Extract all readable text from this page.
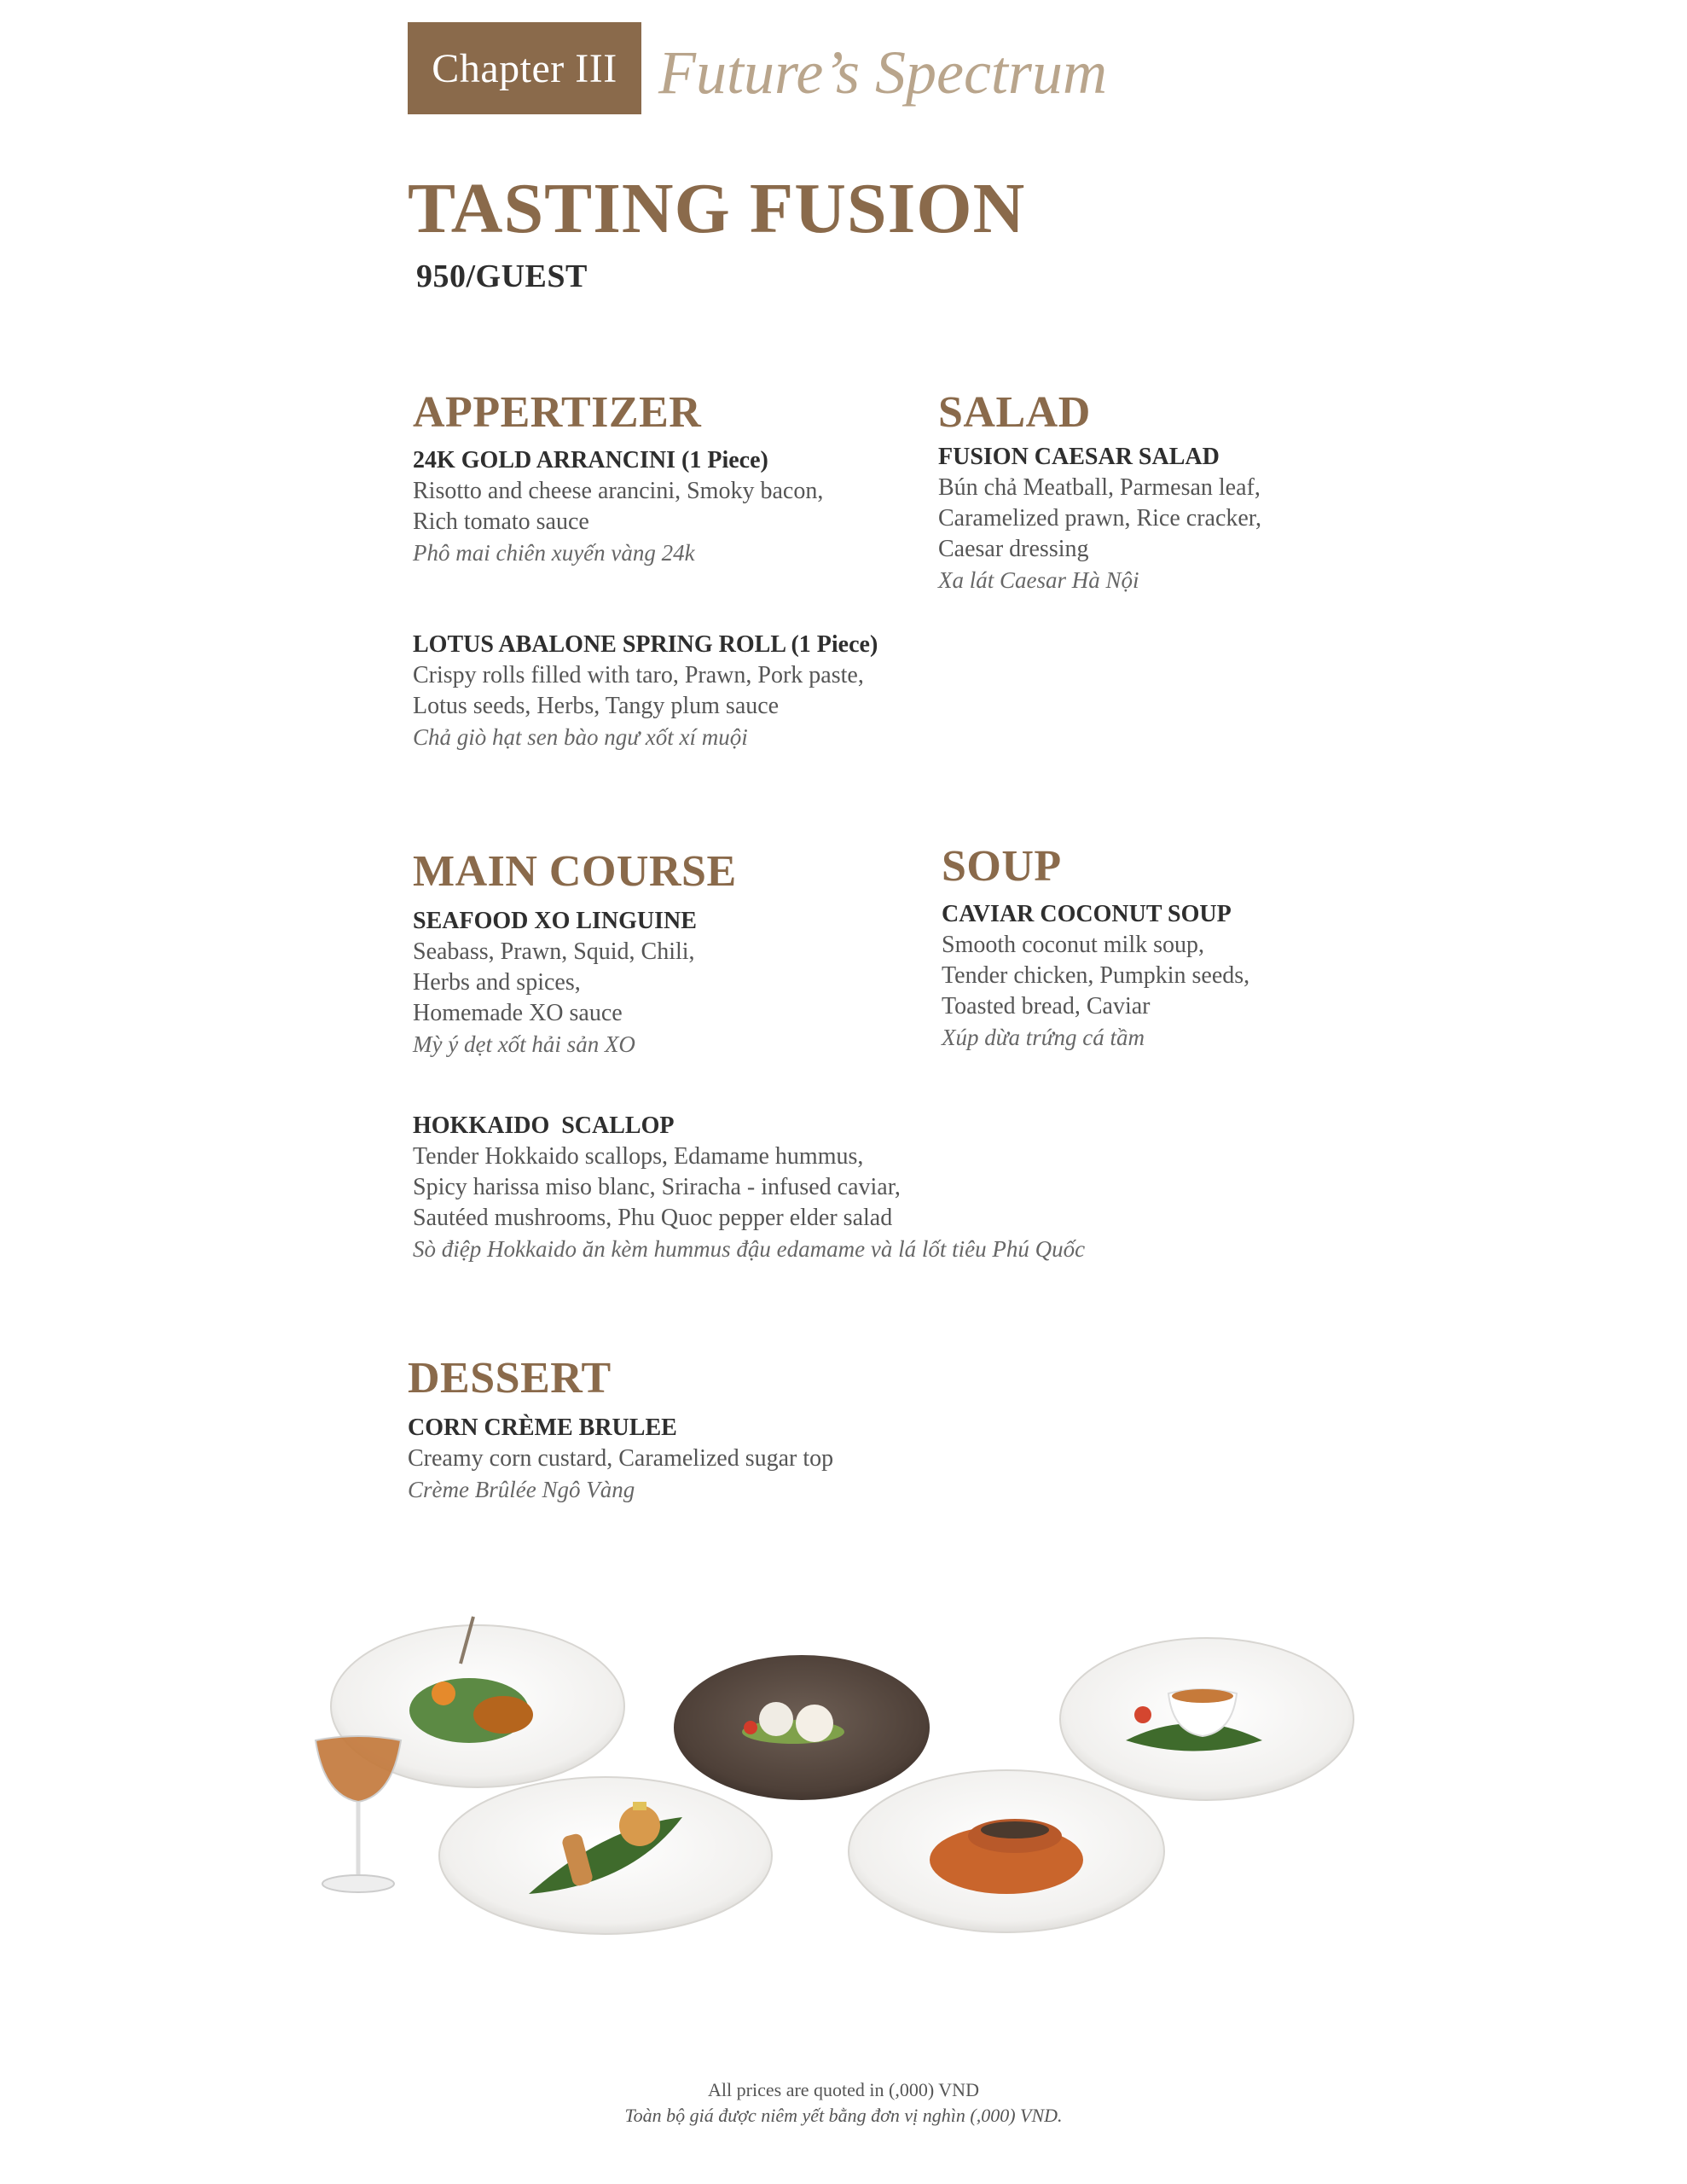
Chapter III Future’s Spectrum
TASTING FUSION
950/GUEST
APPERTIZER
24K GOLD ARRANCINI (1 Piece)
Risotto and cheese arancini, Smoky bacon,
Rich tomato sauce
Phô mai chiên xuyến vàng 24k
LOTUS ABALONE SPRING ROLL (1 Piece)
Crispy rolls filled with taro, Prawn, Pork paste,
Lotus seeds, Herbs, Tangy plum sauce
Chả giò hạt sen bào ngư xốt xí muội
SALAD
FUSION CAESAR SALAD
Bún chả Meatball, Parmesan leaf,
Caramelized prawn, Rice cracker,
Caesar dressing
Xa lát Caesar Hà Nội
MAIN COURSE
SEAFOOD XO LINGUINE
Seabass, Prawn, Squid, Chili,
Herbs and spices,
Homemade XO sauce
Mỳ ý dẹt xốt hải sản XO
HOKKAIDO  SCALLOP
Tender Hokkaido scallops, Edamame hummus,
Spicy harissa miso blanc, Sriracha - infused caviar,
Sautéed mushrooms, Phu Quoc pepper elder salad
Sò điệp Hokkaido ăn kèm hummus đậu edamame và lá lốt tiêu Phú Quốc
SOUP
CAVIAR COCONUT SOUP
Smooth coconut milk soup,
Tender chicken, Pumpkin seeds,
Toasted bread, Caviar
Xúp dừa trứng cá tầm
DESSERT
CORN CRÈME BRULEE
Creamy corn custard, Caramelized sugar top
Crème Brûlée Ngô Vàng
All prices are quoted in (,000) VND
Toàn bộ giá được niêm yết bằng đơn vị nghìn (,000) VND.
